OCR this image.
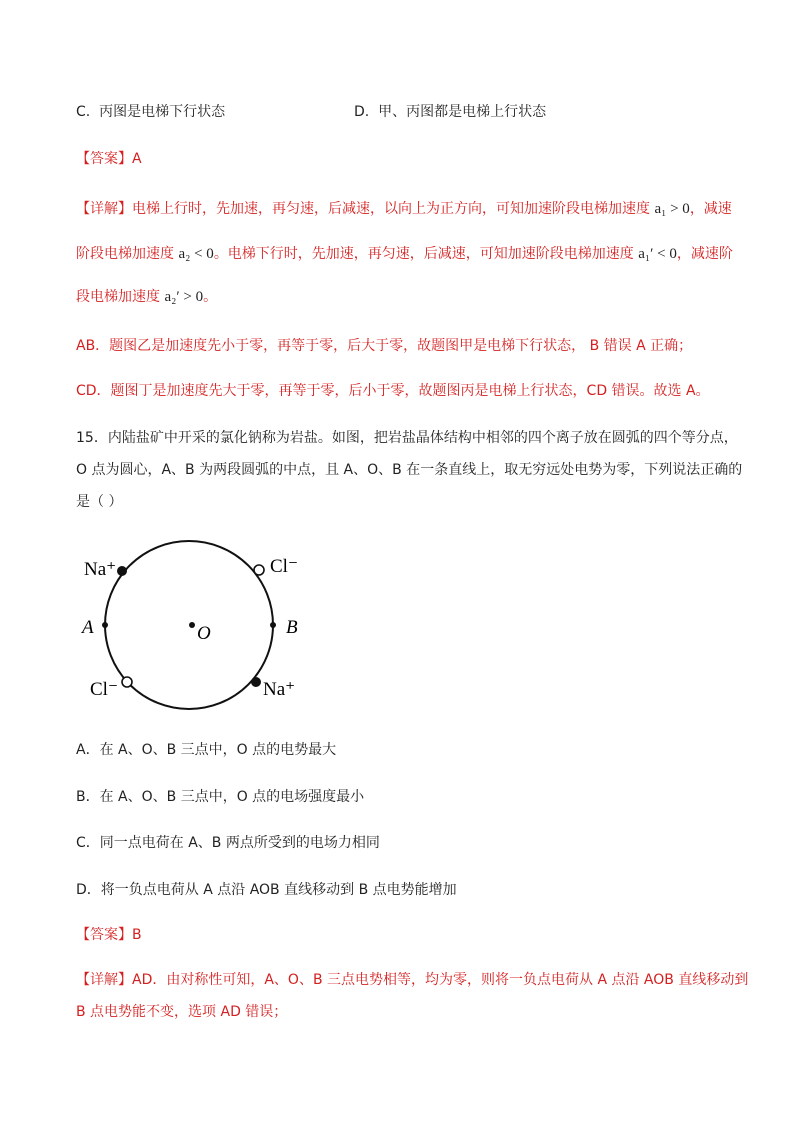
C. 丙图是电梯下行状态	D. 甲、丙图都是电梯上行状态
【答案】A
【详解】电梯上行时，先加速，再匀速，后减速，以向上为正方向，可知加速阶段电梯加速度 a₁ > 0，减速
阶段电梯加速度 a₂ < 0。电梯下行时，先加速，再匀速，后减速，可知加速阶段电梯加速度 a₁′ < 0，减速阶
段电梯加速度 a₂′ > 0。
AB．题图乙是加速度先小于零，再等于零，后大于零，故题图甲是电梯下行状态， B 错误 A 正确；
CD．题图丁是加速度先大于零，再等于零，后小于零，故题图丙是电梯上行状态，CD 错误。故选 A。
15．内陆盐矿中开采的氯化钠称为岩盐。如图，把岩盐晶体结构中相邻的四个离子放在圆弧的四个等分点，
O 点为圆心，A、B 为两段圆弧的中点，且 A、O、B 在一条直线上，取无穷远处电势为零，下列说法正确的
是（ ）
Na⁺	Cl⁻
A	O	B
Cl⁻	Na⁺
A．在 A、O、B 三点中，O 点的电势最大
B．在 A、O、B 三点中，O 点的电场强度最小
C．同一点电荷在 A、B 两点所受到的电场力相同
D．将一负点电荷从 A 点沿 AOB 直线移动到 B 点电势能增加
【答案】B
【详解】AD．由对称性可知，A、O、B 三点电势相等，均为零，则将一负点电荷从 A 点沿 AOB 直线移动到
B 点电势能不变，选项 AD 错误；
